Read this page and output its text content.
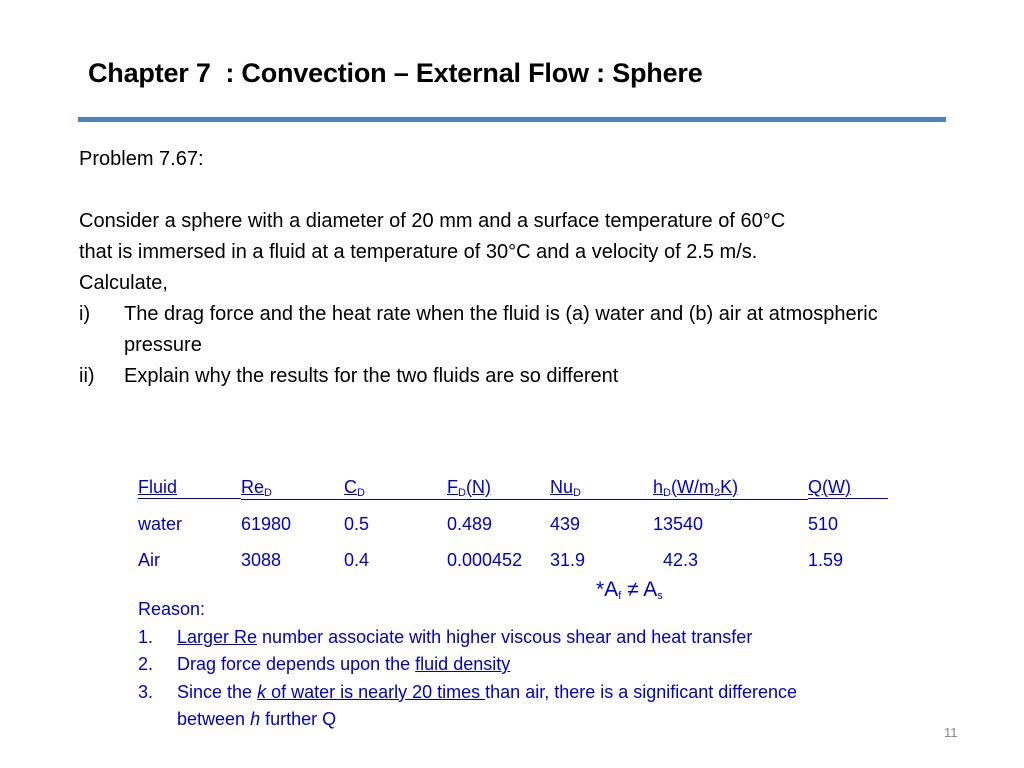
Chapter 7  : Convection – External Flow : Sphere

Problem 7.67:

Consider a sphere with a diameter of 20 mm and a surface temperature of 60°C

that is immersed in a fluid at a temperature of 30°C and a velocity of 2.5 m/s.

Calculate,

i)	The drag force and the heat rate when the fluid is (a) water and (b) air at atmospheric pressure
ii)	Explain why the results for the two fluids are so different
Fluid	$Re_D$	$C_D$	$F_D(N)$	$Nu_D$	$h_D(W/m_2K)$	Q(W)
water	61980	0.5	0.489	439	13540	510
Air	3088	0.4	0.000452	31.9	42.3	1.59
$*A_f \ne A_s$
Reason:
1.	Larger Re number associate with higher viscous shear and heat transfer
2.	Drag force depends upon the fluid density
3.	Since the k of water is nearly 20 times than air, there is a significant difference between h further Q
11
